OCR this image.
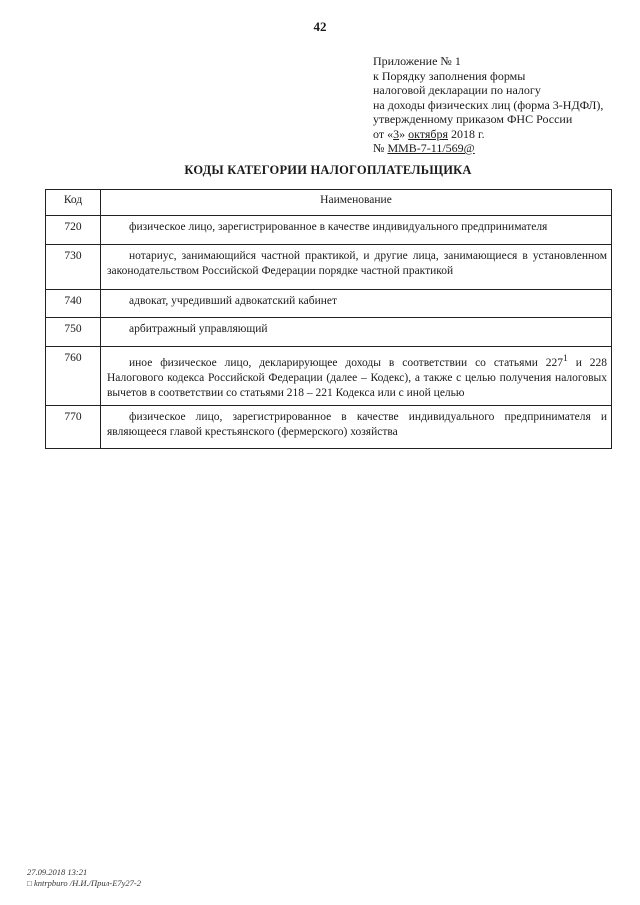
42
Приложение № 1
к Порядку заполнения формы
налоговой декларации по налогу
на доходы физических лиц (форма 3-НДФЛ),
утвержденному приказом ФНС России
от «3» октября 2018 г.
№ ММВ-7-11/569@
КОДЫ КАТЕГОРИИ НАЛОГОПЛАТЕЛЬЩИКА
Код	Наименование
720	физическое лицо, зарегистрированное в качестве индивидуального предпринимателя
730	нотариус, занимающийся частной практикой, и другие лица, занимающиеся в установленном законодательством Российской Федерации порядке частной практикой
740	адвокат, учредивший адвокатский кабинет
750	арбитражный управляющий
760	иное физическое лицо, декларирующее доходы в соответствии со статьями $227^1$ и 228 Налогового кодекса Российской Федерации (далее – Кодекс), а также с целью получения налоговых вычетов в соответствии со статьями 218 – 221 Кодекса или с иной целью
770	физическое лицо, зарегистрированное в качестве индивидуального предпринимателя и являющееся главой крестьянского (фермерского) хозяйства
27.09.2018 13:21
□ kntrpburo /Н.И./Прил-E7y27-2
